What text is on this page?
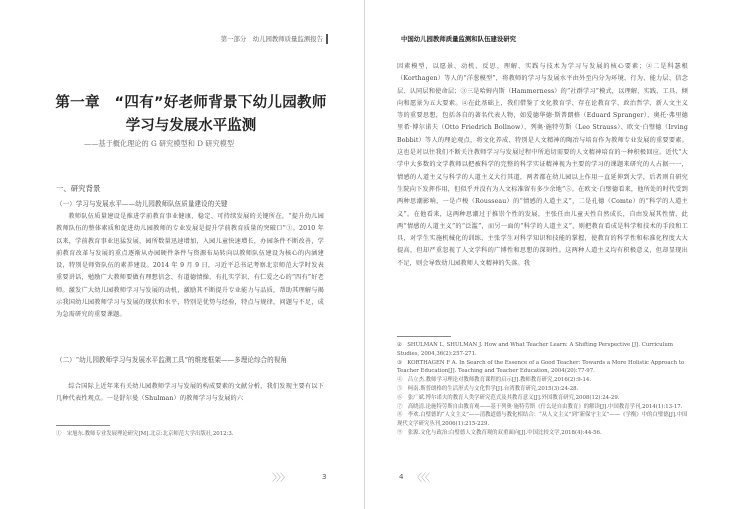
第一部分　幼儿园教师质量监测报告
第一章　“四有”好老师背景下幼儿园教师
学习与发展水平监测
——基于概化理论的 G 研究模型和 D 研究模型
一、研究背景
（一）学习与发展水平——幼儿园教师队伍质量建设的关键

教师队伍质量建设是推进学前教育事业健康、稳定、可持续发展的关键所在，“提升幼儿园教师队伍的整体素质和促进幼儿园教师的专业发展是提升学前教育质量的突破口”①。2010 年以来，学前教育事业迅猛发展，园所数量迅速增加，入园儿童快速增长，办园条件不断改善，学前教育改革与发展的重点逐渐从办园硬件条件与资源布局转向以教师队伍建设为核心的内涵建设，特别是师资队伍的素养建设。2014 年 9 月 9 日，习近平总书记考察北京师范大学时发表重要讲话，勉励广大教师要做有理想信念、有道德情操、有扎实学识、有仁爱之心的“四有”好老师。激发广大幼儿园教师学习与发展的动机，激励其不断提升专业能力与品质，帮助其理解与揭示我国幼儿园教师学习与发展的现状和水平，特别是优势与经验，特点与规律，问题与不足，成为急需研究的重要课题。

（二）“幼儿园教师学习与发展水平监测工具”的维度框架——多理论综合的视角

综合国际上近年来有关幼儿园教师学习与发展的构成要素的文献分析，我们发现主要有以下几种代表性观点。一是舒尔曼（Shulman）的教师学习与发展的六

①　宋旭东.教师专业发展理论研究[M].北京:北京师范大学出版社,2012:3.
〉〉〉	3
中国幼儿园教师质量监测和队伍建设研究

因素模型，以愿景、动机、反思、理解、实践与技术为学习与发展的核心要素；②二是科瑟根（Korthagen）等人的“洋葱模型”，将教师的学习与发展水平由外至内分为环境、行为、能力层、信念层、认同层和使命层；③三是哈姆内斯（Hammerness）的“社群学习”模式，以理解、实践、工具、倾向和愿景为五大要素。④在此基础上，我们借鉴了文化教育学、存在论教育学、政治哲学、新人文主义等的重要思想，包括各自的著名代表人物，如爱德华德·斯普朗格（Eduard Spranger）、奥托·弗里德里希·博尔诺夫（Otto Friedrich Bollnow）、列奥·施特劳斯（Leo Strauss）、欧文·白璧德（Irving Bobbit）等人的理论观点，将文化养成、特别是人文精神的陶冶与培育作为教师专业发展的重要要素。这也是对以往我们不断关注教师学习与发展过程中所追切需要的人文精神培育的一种积极回应。近代“大学中大多数的文学教师以把被科学的完整的科学实证精神视为主要的学习的课题来研究的人占据一一，情感的人道主义与科学的人道主义大行其道，两者都在幼儿园以上作用一直延伸到大学，后者则自研究生院向下发挥作用，但似乎并没有为人文标准留有多少余地”⑤。在欧文·白璧德看来，他所处的时代受到两种思潮影响，一是卢梭（Rousseau）的“情感的人道主义”，二是孔德（Comte）的“科学的人道主义”。在他看来，这两种思潮过于推崇个性的发展，主张任由儿童天性自然成长，自由发展其性情，此两“情感的人道主义”的“泛滥”，而另一面的“科学的人道主义”，则把教育看成是科学和技术的手段和工具，对学生实施机械化的训练，主张学生对科学知识和技能的掌握，使教育的科学性和标准化程度大大提高，但却严重忽视了人文学科的广博性和思想的深刻性。这两种人道主义均有积极意义，但却显现出不足，则会导致幼儿园教师人文精神的失落。我

②　SHULMAN L, SHULMAN J. How and What Teacher Learn: A Shifting Perspective [J]. Curriculum Studies, 2004,36(2):257-271.
③　KORTHAGEN F A. In Search of the Essence of a Good Teacher: Towards a More Holistic Approach to Teacher Education[J]. Teaching and Teacher Education, 2004(20):77-97.
④　吕立杰.教师学习理论对教师教育课程的启示[J].教师教育研究,2016(2):9-14.
⑤　柯南.斯普朗格的生活形式与文化哲学[J].台湾教育研究,2015(3):24-28.
⑥　张广斌.博尔诺夫的教育人类学研究范式及其教育意义[J].外国教育研究,2008(12):24-29.
⑦　高晓清.论施特劳斯自由教育观——基于列奥·施特劳斯《什么是自由教育》的解读[J].中国教育学刊,2014(1):13-17.
⑧　李欢.白璧德的“人文主义”——清教道德与教化相结合：“从人文主义”到“新保守主义”——《学衡》中的白璧德[J].中国现代文学研究丛刊,2006(1):215-229.
⑨　张源.文化与政治:白璧德人文教育观的双重面向[J].中国比较文学,2018(4):44-56.
4 〈〈〈
